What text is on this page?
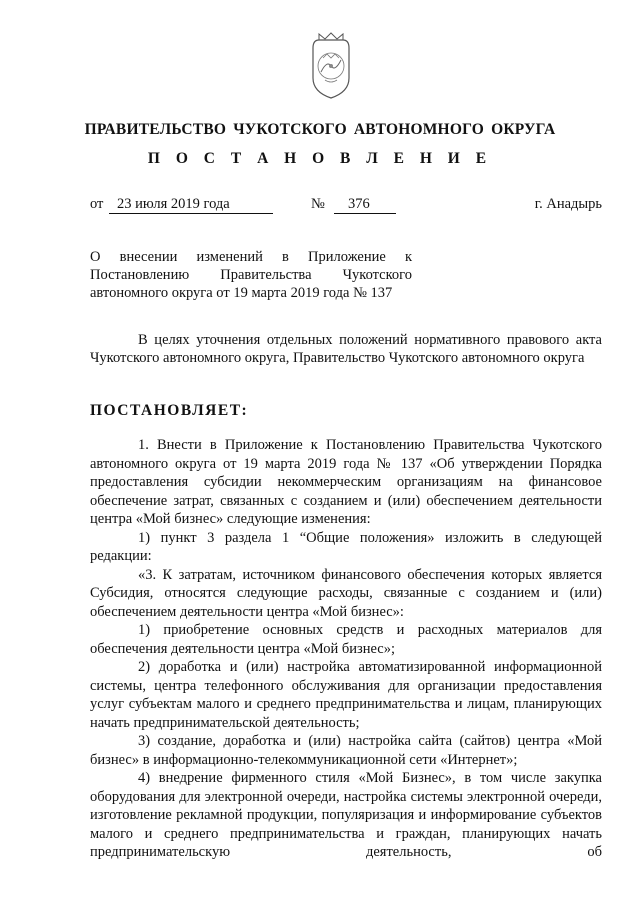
ПРАВИТЕЛЬСТВО ЧУКОТСКОГО АВТОНОМНОГО ОКРУГА
П О С Т А Н О В Л Е Н И Е
от 23 июля 2019 года	№	376	г. Анадырь
О внесении изменений в Приложение к
Постановлению Правительства Чукотского
автономного округа от 19 марта 2019 года № 137

В целях уточнения отдельных положений нормативного правового акта Чукотского автономного округа, Правительство Чукотского автономного округа

ПОСТАНОВЛЯЕТ:

1. Внести в Приложение к Постановлению Правительства Чукотского автономного округа от 19 марта 2019 года № 137 «Об утверждении Порядка предоставления субсидии некоммерческим организациям на финансовое обеспечение затрат, связанных с созданием и (или) обеспечением деятельности центра «Мой бизнес» следующие изменения:

1) пункт 3 раздела 1 “Общие положения» изложить в следующей редакции:

«3. К затратам, источником финансового обеспечения которых является Субсидия, относятся следующие расходы, связанные с созданием и (или) обеспечением деятельности центра «Мой бизнес»:

1) приобретение основных средств и расходных материалов для обеспечения деятельности центра «Мой бизнес»;

2) доработка и (или) настройка автоматизированной информационной системы, центра телефонного обслуживания для организации предоставления услуг субъектам малого и среднего предпринимательства и лицам, планирующих начать предпринимательской деятельность;

3) создание, доработка и (или) настройка сайта (сайтов) центра «Мой бизнес» в информационно-телекоммуникационной сети «Интернет»;

4) внедрение фирменного стиля «Мой Бизнес», в том числе закупка оборудования для электронной очереди, настройка системы электронной очереди, изготовление рекламной продукции, популяризация и информирование субъектов малого и среднего предпринимательства и граждан, планирующих начать предпринимательскую деятельность, об
